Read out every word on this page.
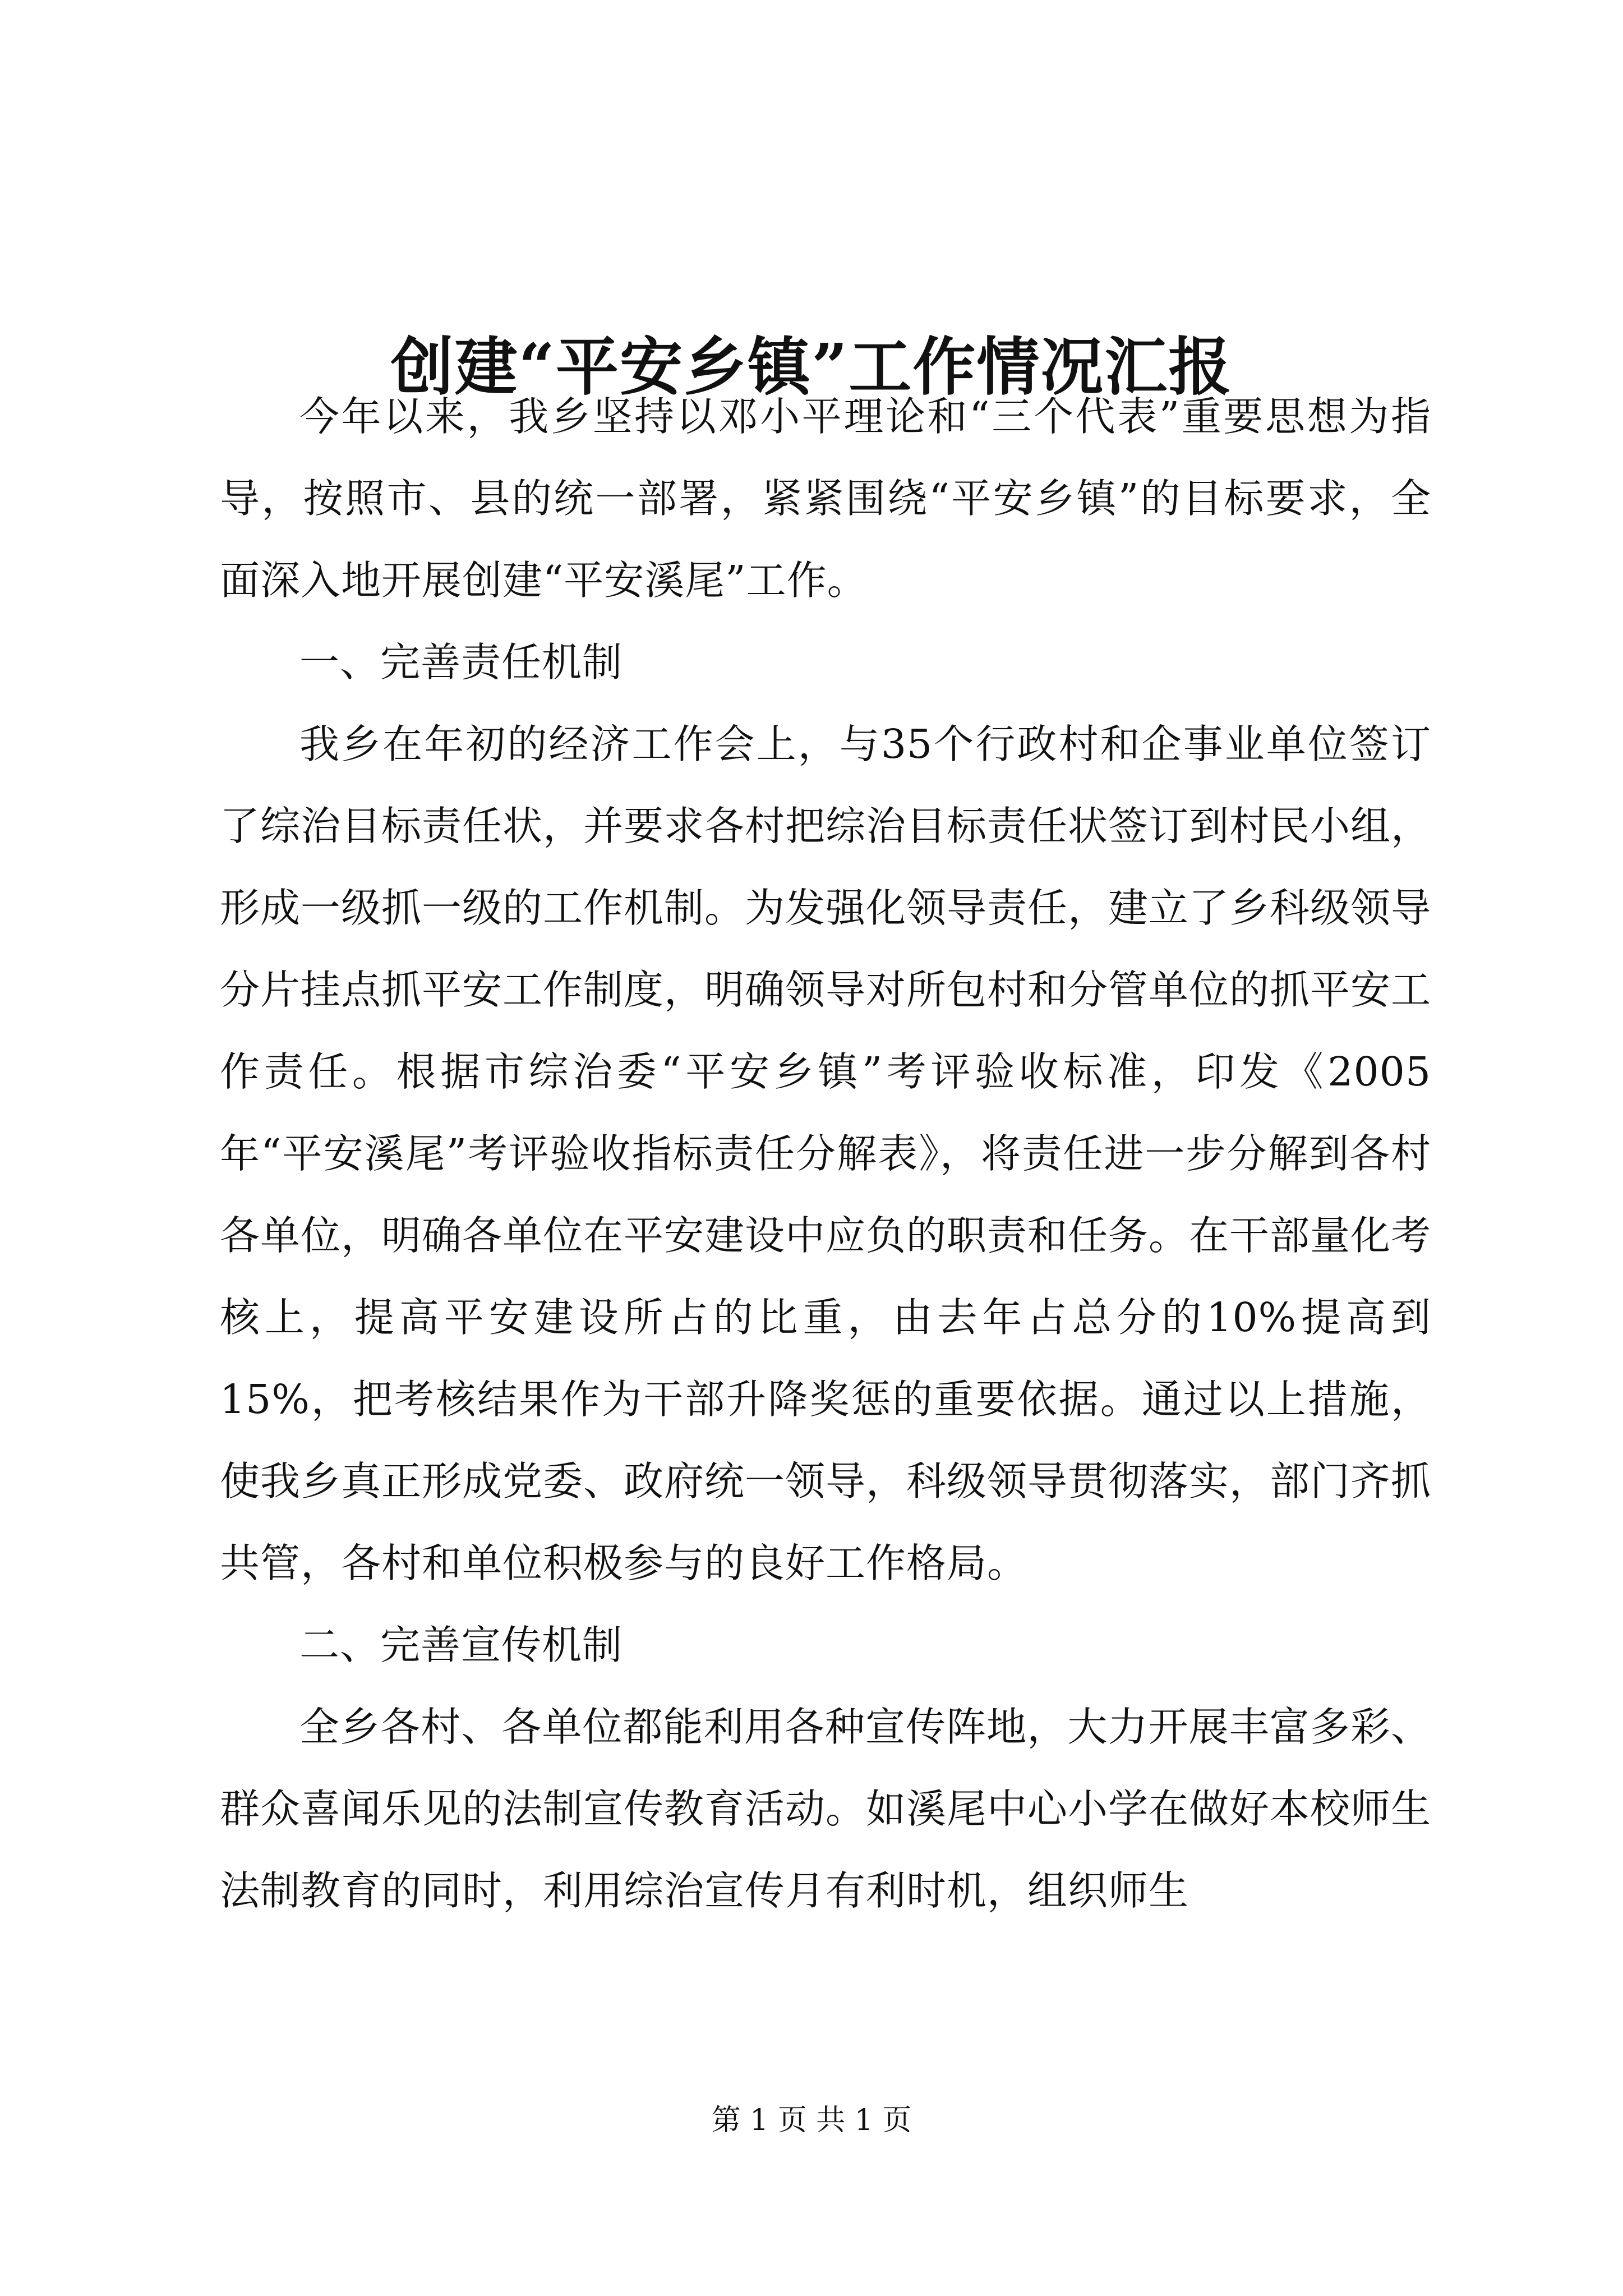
创建“平安乡镇”工作情况汇报

今年以来，我乡坚持以邓小平理论和“三个代表”重要思想为指导，按照市、县的统一部署，紧紧围绕“平安乡镇”的目标要求，全面深入地开展创建“平安溪尾”工作。

一、完善责任机制

我乡在年初的经济工作会上，与35个行政村和企事业单位签订了综治目标责任状，并要求各村把综治目标责任状签订到村民小组，形成一级抓一级的工作机制。为发强化领导责任，建立了乡科级领导分片挂点抓平安工作制度，明确领导对所包村和分管单位的抓平安工作责任。根据市综治委“平安乡镇”考评验收标准，印发《2005年“平安溪尾”考评验收指标责任分解表》，将责任进一步分解到各村各单位，明确各单位在平安建设中应负的职责和任务。在干部量化考核上，提高平安建设所占的比重，由去年占总分的10%提高到15%，把考核结果作为干部升降奖惩的重要依据。通过以上措施，使我乡真正形成党委、政府统一领导，科级领导贯彻落实，部门齐抓共管，各村和单位积极参与的良好工作格局。

二、完善宣传机制

全乡各村、各单位都能利用各种宣传阵地，大力开展丰富多彩、群众喜闻乐见的法制宣传教育活动。如溪尾中心小学在做好本校师生法制教育的同时，利用综治宣传月有利时机，组织师生

第 1 页 共 1 页
